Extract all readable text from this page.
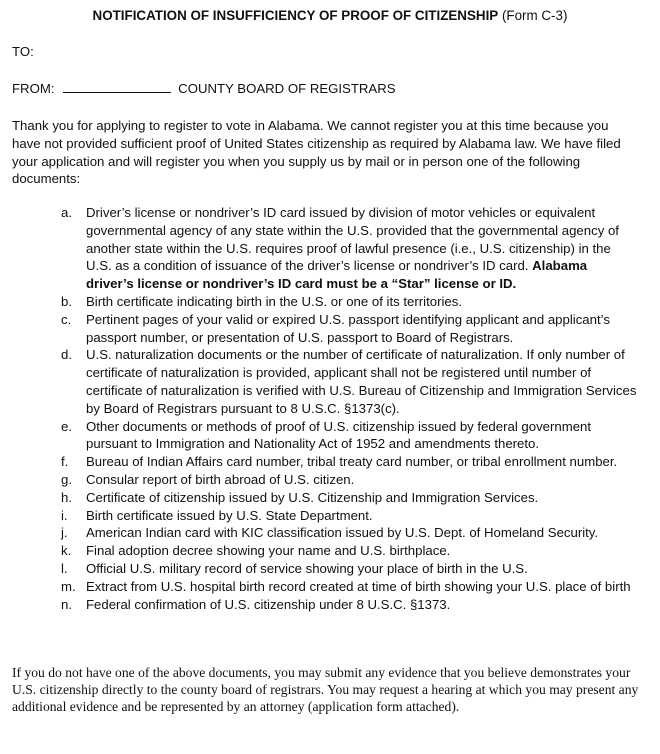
NOTIFICATION OF INSUFFICIENCY OF PROOF OF CITIZENSHIP (Form C-3)
TO:
FROM:	COUNTY BOARD OF REGISTRARS

Thank you for applying to register to vote in Alabama. We cannot register you at this time because you have not provided sufficient proof of United States citizenship as required by Alabama law. We have filed your application and will register you when you supply us by mail or in person one of the following documents:

a.	Driver’s license or nondriver’s ID card issued by division of motor vehicles or equivalent governmental agency of any state within the U.S. provided that the governmental agency of another state within the U.S. requires proof of lawful presence (i.e., U.S. citizenship) in the U.S. as a condition of issuance of the driver’s license or nondriver’s ID card. Alabama driver’s license or nondriver’s ID card must be a “Star” license or ID.
b.	Birth certificate indicating birth in the U.S. or one of its territories.
c.	Pertinent pages of your valid or expired U.S. passport identifying applicant and applicant’s passport number, or presentation of U.S. passport to Board of Registrars.
d.	U.S. naturalization documents or the number of certificate of naturalization. If only number of certificate of naturalization is provided, applicant shall not be registered until number of certificate of naturalization is verified with U.S. Bureau of Citizenship and Immigration Services by Board of Registrars pursuant to 8 U.S.C. §1373(c).
e.	Other documents or methods of proof of U.S. citizenship issued by federal government pursuant to Immigration and Nationality Act of 1952 and amendments thereto.
f.	Bureau of Indian Affairs card number, tribal treaty card number, or tribal enrollment number.
g.	Consular report of birth abroad of U.S. citizen.
h.	Certificate of citizenship issued by U.S. Citizenship and Immigration Services.
i.	Birth certificate issued by U.S. State Department.
j.	American Indian card with KIC classification issued by U.S. Dept. of Homeland Security.
k.	Final adoption decree showing your name and U.S. birthplace.
l.	Official U.S. military record of service showing your place of birth in the U.S.
m. Extract from U.S. hospital birth record created at time of birth showing your U.S. place of birth
n.	Federal confirmation of U.S. citizenship under 8 U.S.C. §1373.

If you do not have one of the above documents, you may submit any evidence that you believe demonstrates your U.S. citizenship directly to the county board of registrars. You may request a hearing at which you may present any additional evidence and be represented by an attorney (application form attached).
